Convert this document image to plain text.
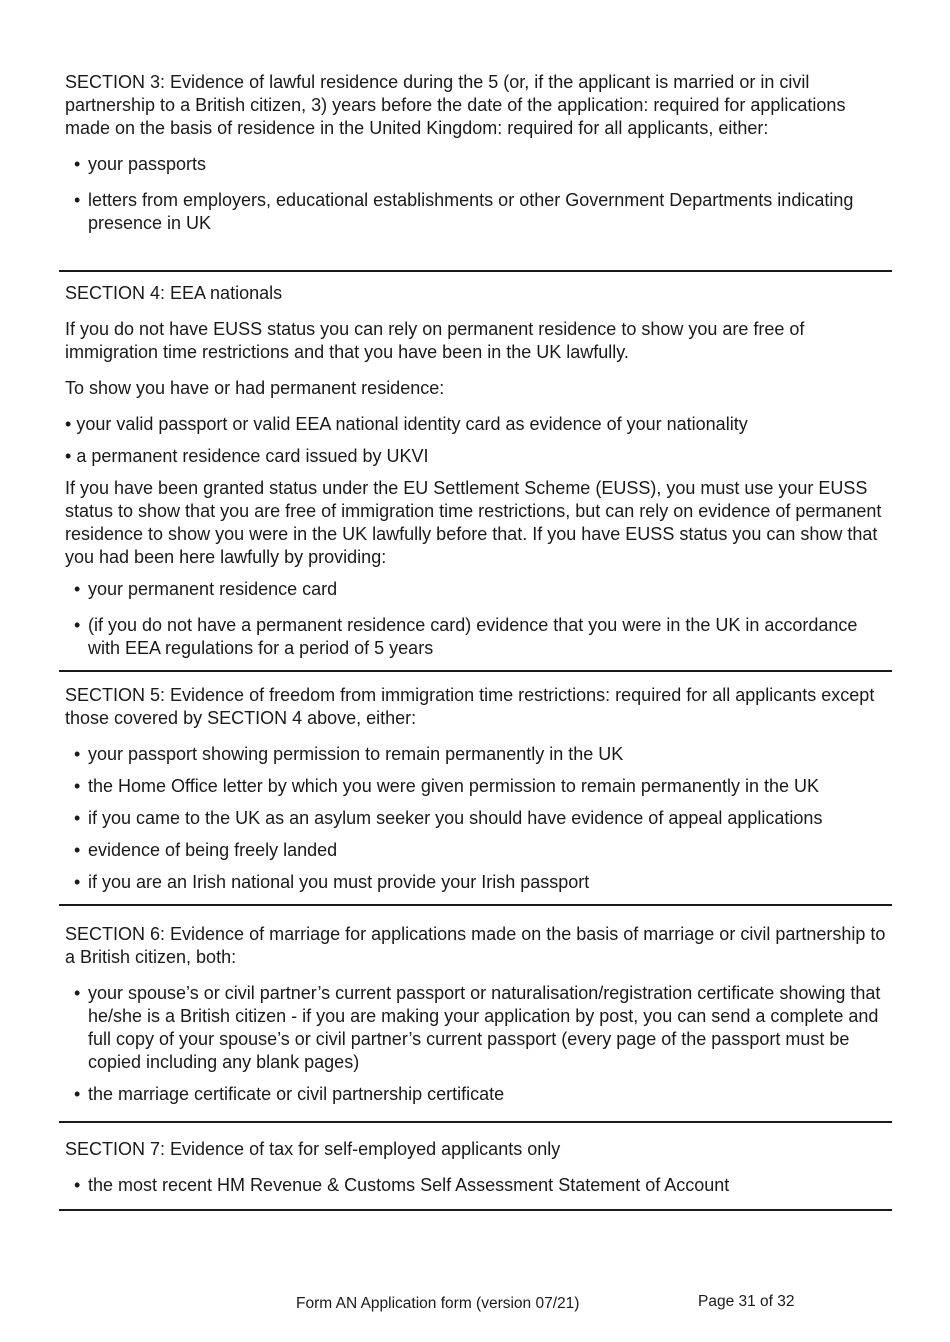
SECTION 3: Evidence of lawful residence during the 5 (or, if the applicant is married or in civil partnership to a British citizen, 3) years before the date of the application: required for applications made on the basis of residence in the United Kingdom: required for all applicants, either:

• your passports
• letters from employers, educational establishments or other Government Departments indicating presence in UK

SECTION 4: EEA nationals

If you do not have EUSS status you can rely on permanent residence to show you are free of immigration time restrictions and that you have been in the UK lawfully.

To show you have or had permanent residence:

• your valid passport or valid EEA national identity card as evidence of your nationality
• a permanent residence card issued by UKVI

If you have been granted status under the EU Settlement Scheme (EUSS), you must use your EUSS status to show that you are free of immigration time restrictions, but can rely on evidence of permanent residence to show you were in the UK lawfully before that. If you have EUSS status you can show that you had been here lawfully by providing:

• your permanent residence card
• (if you do not have a permanent residence card) evidence that you were in the UK in accordance with EEA regulations for a period of 5 years

SECTION 5: Evidence of freedom from immigration time restrictions: required for all applicants except those covered by SECTION 4 above, either:

• your passport showing permission to remain permanently in the UK
• the Home Office letter by which you were given permission to remain permanently in the UK
• if you came to the UK as an asylum seeker you should have evidence of appeal applications
• evidence of being freely landed
• if you are an Irish national you must provide your Irish passport

SECTION 6: Evidence of marriage for applications made on the basis of marriage or civil partnership to a British citizen, both:

• your spouse’s or civil partner’s current passport or naturalisation/registration certificate showing that he/she is a British citizen - if you are making your application by post, you can send a complete and full copy of your spouse’s or civil partner’s current passport (every page of the passport must be copied including any blank pages)
• the marriage certificate or civil partnership certificate

SECTION 7: Evidence of tax for self-employed applicants only

• the most recent HM Revenue & Customs Self Assessment Statement of Account
Form AN Application form (version 07/21)	Page 31 of 32
